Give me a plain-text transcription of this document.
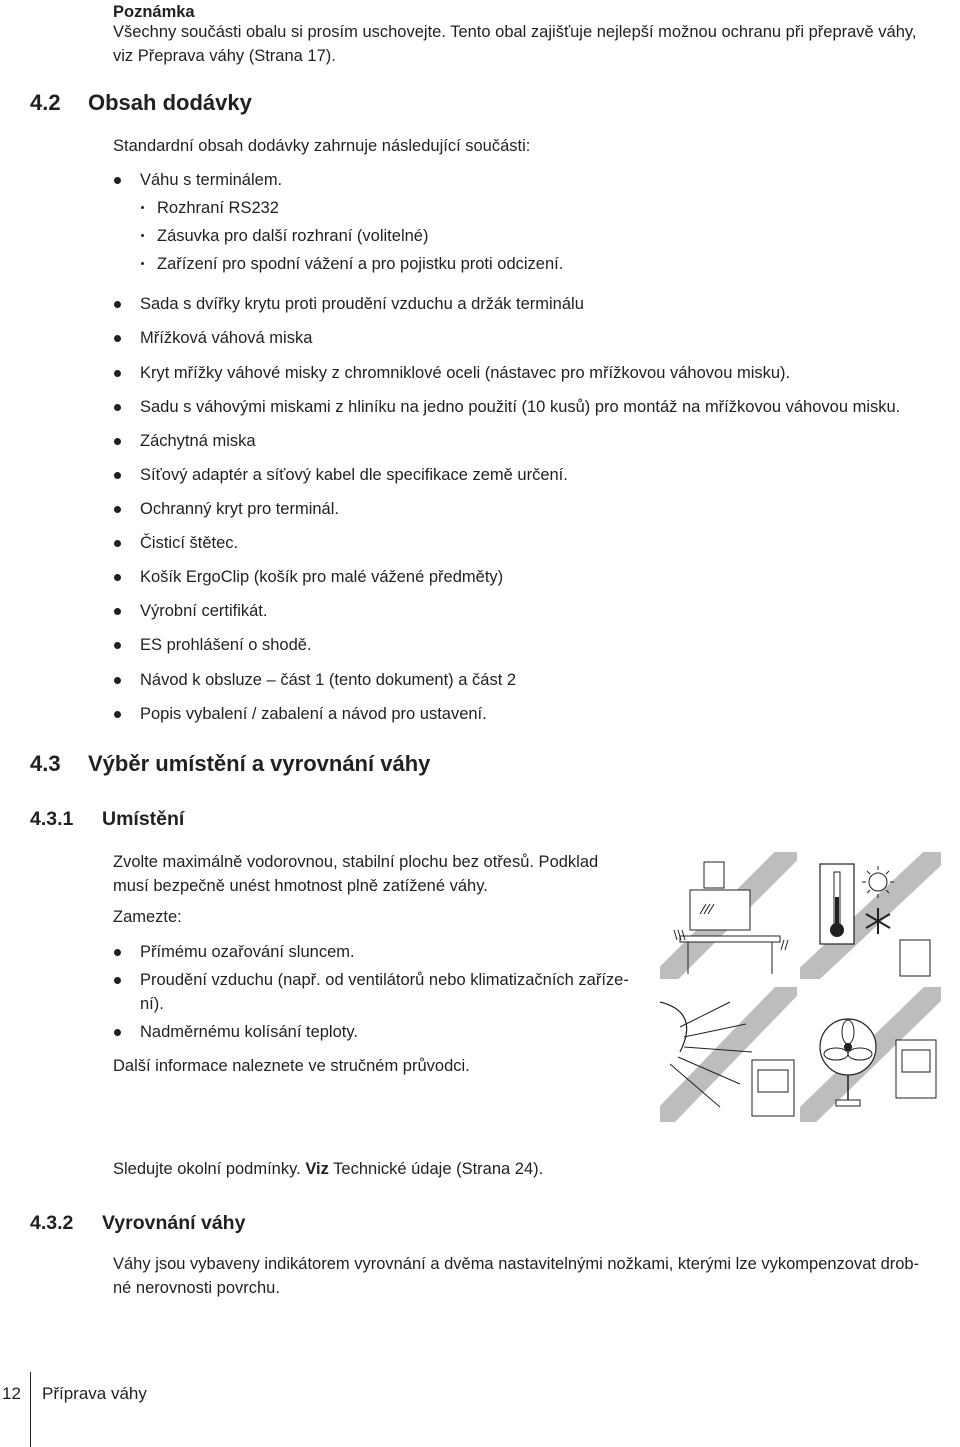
Poznámka
Všechny součásti obalu si prosím uschovejte. Tento obal zajišťuje nejlepší možnou ochranu při přepravě váhy,
viz Přeprava váhy (Strana 17).
4.2 Obsah dodávky
Standardní obsah dodávky zahrnuje následující součásti:
Váhu s terminálem.
Rozhraní RS232
Zásuvka pro další rozhraní (volitelné)
Zařízení pro spodní vážení a pro pojistku proti odcizení.
Sada s dvířky krytu proti proudění vzduchu a držák terminálu
Mřížková váhová miska
Kryt mřížky váhové misky z chromniklové oceli (nástavec pro mřížkovou váhovou misku).
Sadu s váhovými miskami z hliníku na jedno použití (10 kusů) pro montáž na mřížkovou váhovou misku.
Záchytná miska
Síťový adaptér a síťový kabel dle specifikace země určení.
Ochranný kryt pro terminál.
Čisticí štětec.
Košík ErgoClip (košík pro malé vážené předměty)
Výrobní certifikát.
ES prohlášení o shodě.
Návod k obsluze – část 1 (tento dokument) a část 2
Popis vybalení / zabalení a návod pro ustavení.
4.3 Výběr umístění a vyrovnání váhy
4.3.1 Umístění
Zvolte maximálně vodorovnou, stabilní plochu bez otřesů. Podklad
musí bezpečně unést hmotnost plně zatížené váhy.
Zamezte:
Přímému ozařování sluncem.
Proudění vzduchu (např. od ventilátorů nebo klimatizačních zaříze-
ní).
Nadměrnému kolísání teploty.
Další informace naleznete ve stručném průvodci.
Sledujte okolní podmínky. Viz Technické údaje (Strana 24).
4.3.2 Vyrovnání váhy
Váhy jsou vybaveny indikátorem vyrovnání a dvěma nastavitelnými nožkami, kterými lze vykompenzovat drob-
né nerovnosti povrchu.
12 Příprava váhy
